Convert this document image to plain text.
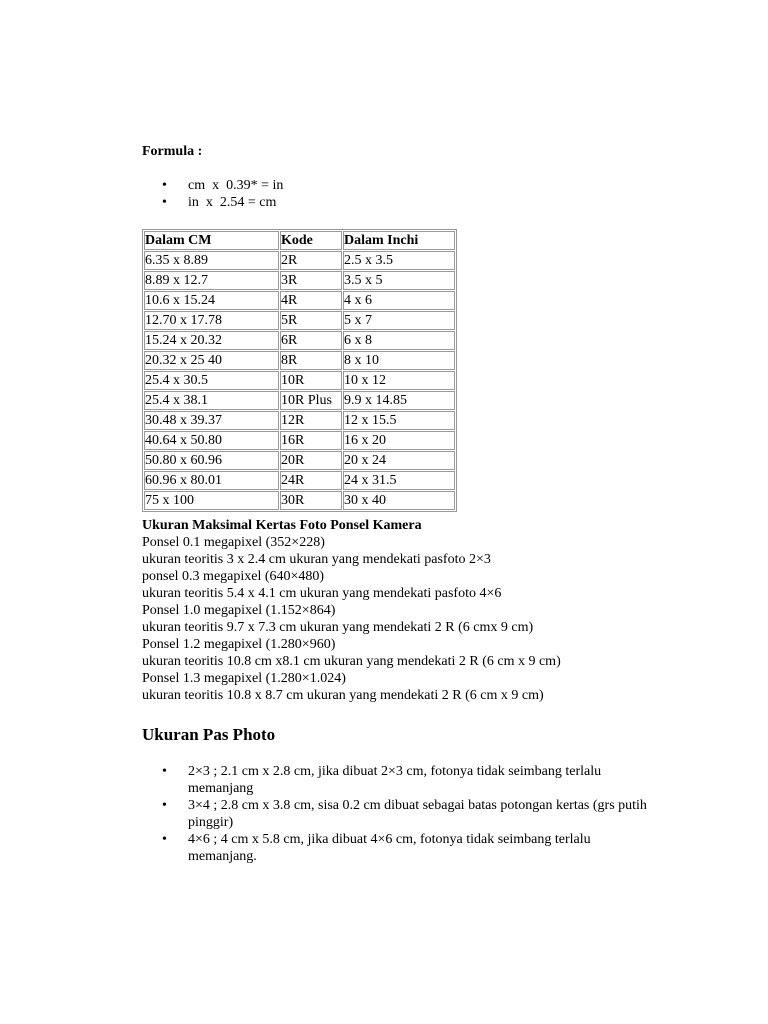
Formula :

• cm  x  0.39* = in
• in  x  2.54 = cm
Dalam CM	Kode	Dalam Inchi
6.35 x 8.89	2R	2.5 x 3.5
8.89 x 12.7	3R	3.5 x 5
10.6 x 15.24	4R	4 x 6
12.70 x 17.78	5R	5 x 7
15.24 x 20.32	6R	6 x 8
20.32 x 25 40	8R	8 x 10
25.4 x 30.5	10R	10 x 12
25.4 x 38.1	10R Plus	9.9 x 14.85
30.48 x 39.37	12R	12 x 15.5
40.64 x 50.80	16R	16 x 20
50.80 x 60.96	20R	20 x 24
60.96 x 80.01	24R	24 x 31.5
75 x 100	30R	30 x 40
Ukuran Maksimal Kertas Foto Ponsel Kamera
Ponsel 0.1 megapixel (352×228)
ukuran teoritis 3 x 2.4 cm ukuran yang mendekati pasfoto 2×3
ponsel 0.3 megapixel (640×480)
ukuran teoritis 5.4 x 4.1 cm ukuran yang mendekati pasfoto 4×6
Ponsel 1.0 megapixel (1.152×864)
ukuran teoritis 9.7 x 7.3 cm ukuran yang mendekati 2 R (6 cmx 9 cm)
Ponsel 1.2 megapixel (1.280×960)
ukuran teoritis 10.8 cm x8.1 cm ukuran yang mendekati 2 R (6 cm x 9 cm)
Ponsel 1.3 megapixel (1.280×1.024)
ukuran teoritis 10.8 x 8.7 cm ukuran yang mendekati 2 R (6 cm x 9 cm)
Ukuran Pas Photo
• 2×3 ; 2.1 cm x 2.8 cm, jika dibuat 2×3 cm, fotonya tidak seimbang terlalu memanjang
• 3×4 ; 2.8 cm x 3.8 cm, sisa 0.2 cm dibuat sebagai batas potongan kertas (grs putih pinggir)
• 4×6 ; 4 cm x 5.8 cm, jika dibuat 4×6 cm, fotonya tidak seimbang terlalu memanjang.
